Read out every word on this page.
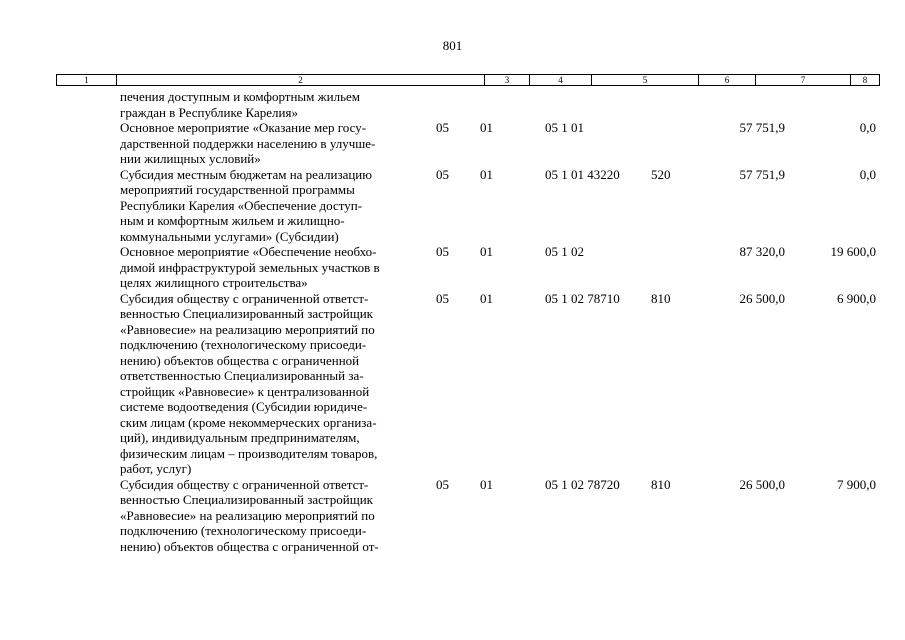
801
1	2	3	4	5	6	7	8
печения доступным и комфортным жильем
граждан в Республике Карелия»
Основное мероприятие «Оказание мер госу-
дарственной поддержки населению в улучше-
нии жилищных условий»
05 01	05 1 01	57 751,9	0,0
Субсидия местным бюджетам на реализацию
мероприятий государственной программы
Республики Карелия «Обеспечение доступ-
ным и комфортным жильем и жилищно-
коммунальными услугами» (Субсидии)
05 01	05 1 01 43220 520	57 751,9	0,0
Основное мероприятие «Обеспечение необхо-
димой инфраструктурой земельных участков в
целях жилищного строительства»
05 01	05 1 02	87 320,0	19 600,0
Субсидия обществу с ограниченной ответст-
венностью Специализированный застройщик
«Равновесие» на реализацию мероприятий по
подключению (технологическому присоеди-
нению) объектов общества с ограниченной
ответственностью Специализированный за-
стройщик «Равновесие» к централизованной
системе водоотведения (Субсидии юридиче-
ским лицам (кроме некоммерческих организа-
ций), индивидуальным предпринимателям,
физическим лицам – производителям товаров,
работ, услуг)
05 01	05 1 02 78710 810	26 500,0	6 900,0
Субсидия обществу с ограниченной ответст-
венностью Специализированный застройщик
«Равновесие» на реализацию мероприятий по
подключению (технологическому присоеди-
нению) объектов общества с ограниченной от-
05 01	05 1 02 78720 810	26 500,0	7 900,0
